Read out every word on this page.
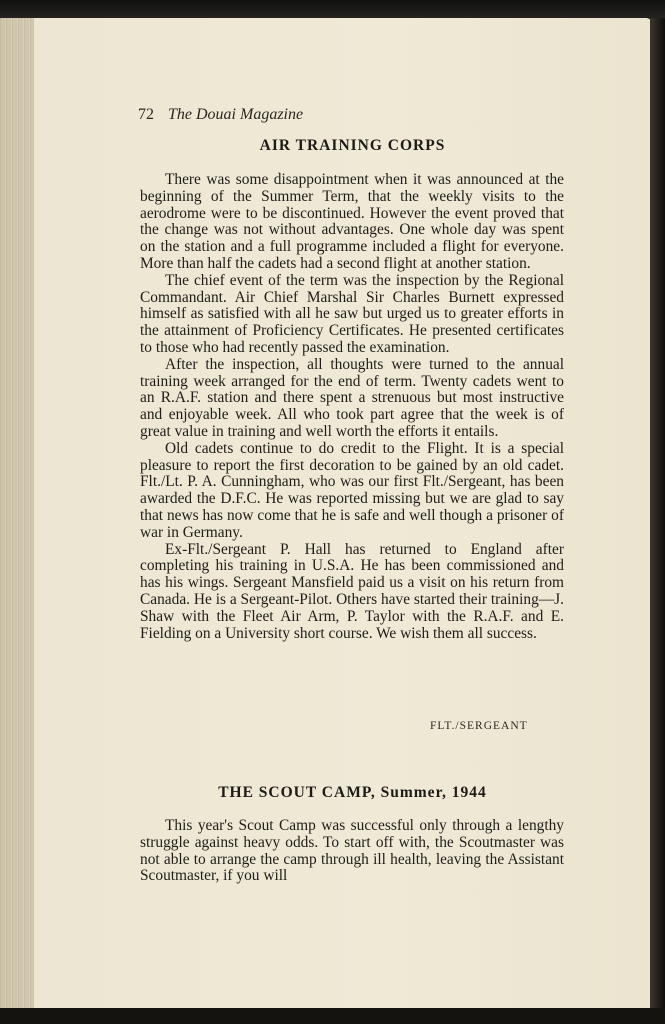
72 The Douai Magazine
AIR TRAINING CORPS

There was some disappointment when it was announced at the beginning of the Summer Term, that the weekly visits to the aerodrome were to be discontinued. However the event proved that the change was not without advantages. One whole day was spent on the station and a full programme included a flight for everyone. More than half the cadets had a second flight at another station.

The chief event of the term was the inspection by the Regional Commandant. Air Chief Marshal Sir Charles Burnett expressed himself as satisfied with all he saw but urged us to greater efforts in the attainment of Proficiency Certificates. He presented certificates to those who had recently passed the examination.

After the inspection, all thoughts were turned to the annual training week arranged for the end of term. Twenty cadets went to an R.A.F. station and there spent a strenuous but most instructive and enjoyable week. All who took part agree that the week is of great value in training and well worth the efforts it entails.

Old cadets continue to do credit to the Flight. It is a special pleasure to report the first decoration to be gained by an old cadet. Flt./Lt. P. A. Cunningham, who was our first Flt./Sergeant, has been awarded the D.F.C. He was reported missing but we are glad to say that news has now come that he is safe and well though a prisoner of war in Germany.

Ex-Flt./Sergeant P. Hall has returned to England after completing his training in U.S.A. He has been commissioned and has his wings. Sergeant Mansfield paid us a visit on his return from Canada. He is a Sergeant-Pilot. Others have started their training—J. Shaw with the Fleet Air Arm, P. Taylor with the R.A.F. and E. Fielding on a University short course. We wish them all success.

FLT./SERGEANT
THE SCOUT CAMP, Summer, 1944

This year's Scout Camp was successful only through a lengthy struggle against heavy odds. To start off with, the Scoutmaster was not able to arrange the camp through ill health, leaving the Assistant Scoutmaster, if you will
